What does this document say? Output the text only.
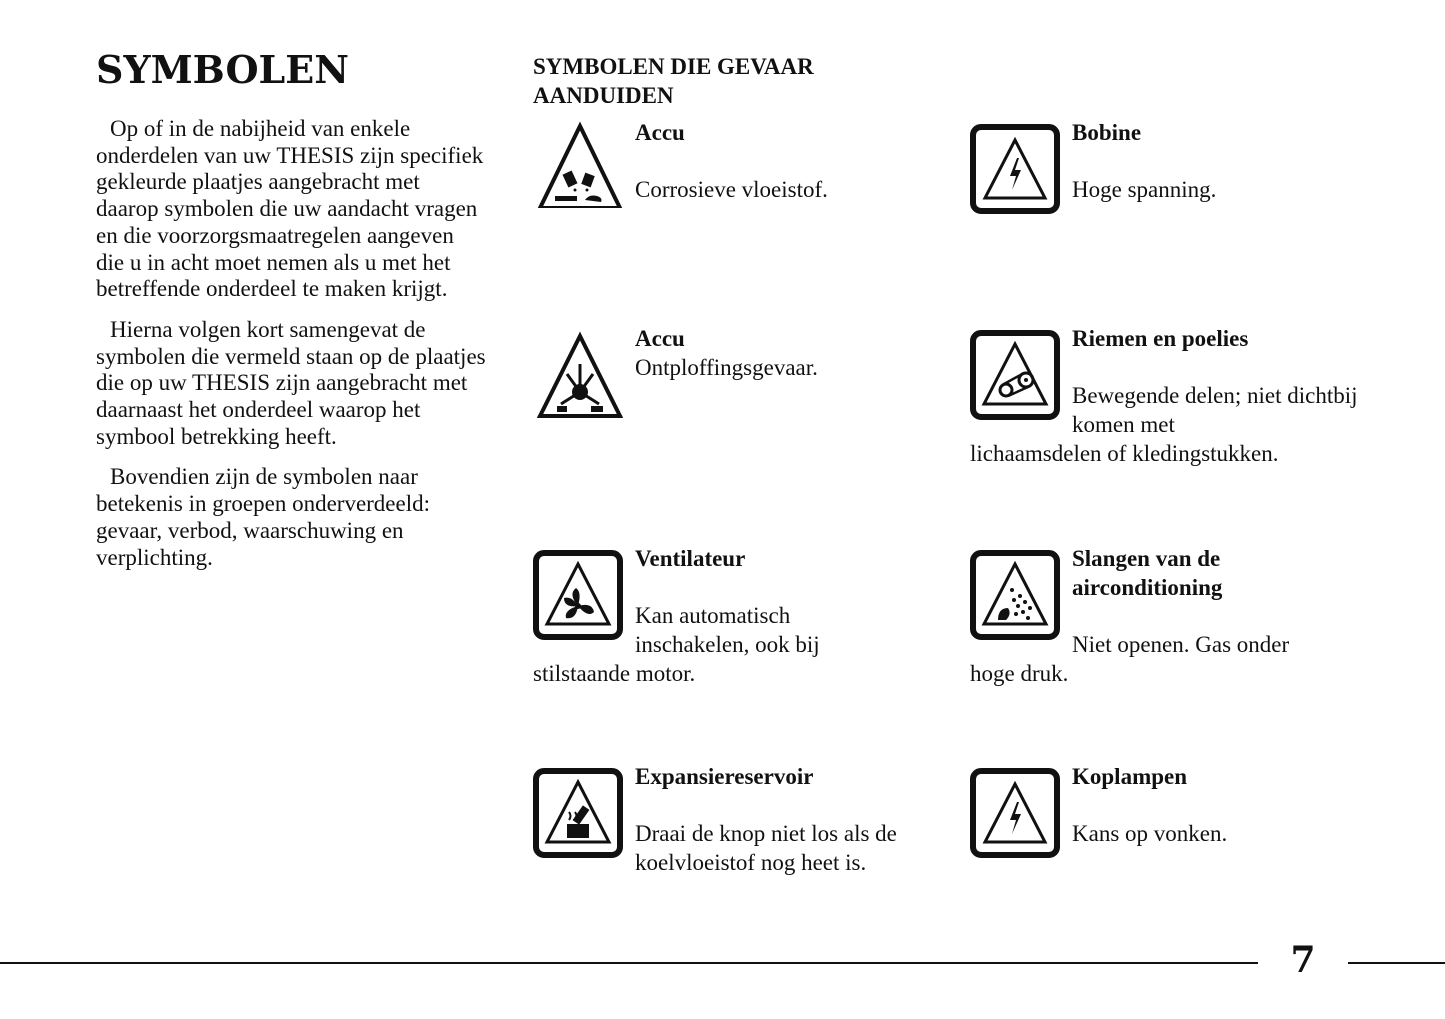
SYMBOLEN

Op of in de nabijheid van enkele onderdelen van uw THESIS zijn specifiek gekleurde plaatjes aangebracht met daarop symbolen die uw aandacht vragen en die voorzorgsmaatregelen aangeven die u in acht moet nemen als u met het betreffende onderdeel te maken krijgt.

Hierna volgen kort samengevat de symbolen die vermeld staan op de plaatjes die op uw THESIS zijn aangebracht met daarnaast het onderdeel waarop het symbool betrekking heeft.

Bovendien zijn de symbolen naar betekenis in groepen onderverdeeld: gevaar, verbod, waarschuwing en verplichting.

SYMBOLEN DIE GEVAAR AANDUIDEN

Accu

Corrosieve vloeistof.

Bobine

Hoge spanning.

Accu

Ontploffingsgevaar.

Riemen en poelies

Bewegende delen; niet dichtbij komen met
lichaamsdelen of kledingstukken.

Ventilateur

Kan automatisch inschakelen, ook bij
stilstaande motor.

Slangen van de airconditioning

Niet openen. Gas onder
hoge druk.

Expansiereservoir

Draai de knop niet los als de koelvloeistof nog heet is.

Koplampen

Kans op vonken.

7
